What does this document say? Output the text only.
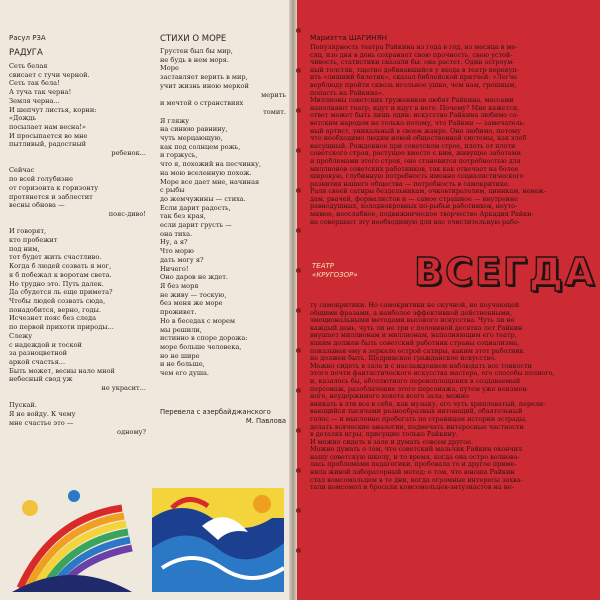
Расул РЗА
РАДУГА
Сеть белая
свисает с тучи черной.
Сеть так бела!
А туча так черна!
Земля черна...
И шепчут листья, корни:
«Дождь
посылает нам весна!»
И просыпается во мне
пытливый, радостный
ребенок...

Сейчас
по всей голубизне
от горизонта к горизонту
протянется и заблестит
весны обнова —
пояс-диво!

И говорят,
кто пробежит
под ним,
тот будет жить счастливо.
Когда б людей созвать я мог,
я б побежал к воротам света.
Но трудно это. Путь далек.
Да сбудется ль еще примета?
Чтобы людей созвать сюда,
понадобится, верно, годы.
Исчезнет пояс без следа
по первой прихоти природы...
Слежу
с надеждой и тоской
за разноцветной
аркой счастья...
Быть может, весны нало мной
небесный свод уж
не украсит...

Пускай.
Я не войду. К чему
мне счастье это —
одному?
СТИХИ О МОРЕ
Грустен был бы мир,
не будь в нем моря.
Море
заставляет верить в мир,
учит жизнь иною меркой
мерить
и мечтой о странствиях
томит.
Я гляжу
на синюю равнину,
чуть мерцающую,
как под солнцем рожь,
и горжусь,
что я, похожий на песчинку,
на мою вселенную похож.
Море все дает мне, начиная
с рыбы
до жемчужины — стиха.
Если дарит радость,
так без края,
если дарит грусть —
она тиха.
Ну, а я?
Что морю
дать могу я?
Ничего!
Оно даров не ждет.
Я без моря
не живу — тоскую,
без меня же море
проживет.
Но в беседах с морем
мы решили,
истинно в споре дорожа:
море больше человека,
но не шире
и не больше,
чем его душа.
Перевела с азербайджанского
М. Павлова
Мариэтта ШАГИНЯН
Популярность театра Райкина из года в год, из месяца в ме-
сяц, изо дня в день сохраняет свою прочность, свою устой-
чивость, статистики сказали бы: она растет. Один остроум-
ный толстяк, тщетно добивавшийся у входа в театр перекуп-
ить «лишний билетик», сказал библейской притчей: «Легче
верблюду пройти сквозь игольное ушко, чем нам, грешным,
попасть на Райкина».
Миллионы советских тружеников любят Райкина, массами
наполняют театр, идут и идут в него. Почему? Мне кажется,
ответ может быть лишь один: искусство Райкина любимо со-
ветским народом не только потому, что Райкин — замечатель-
ный артист, уникальный в своем жанре. Оно любимо, потому
что необходимо людям новой общественной системы, как хлеб
насущный. Рожденное при советском строе, плоть от плоти
советского строя, растущее вместе с ним, живущее заботами
и проблемами этого строя, оно становится потребностью для
миллионов советских работников, так как отвечает на более
широкую, глубинную потребность именно социалистического
развития нашего общества — потребность в самокритике.
Раля своей сатиры бездельникам, очковтирателям, циникам, невеж-
дам, рвачей, формалистов и — самое страшное — внутренне
равнодушных, холоднокровных по-рыбьи работников, неуто-
мимое, неослабное, подвижническое творчество Аркадия Райки-
на совершает эту необходимую для нас очистительную рабо-
ТЕАТР
«КРУГОЗОР» ВСЕГДА
ту самокритики. Но самокритики не скучной, не поучающей
общими фразами, а наиболее эффективной действенными,
эмоциональными методами высокого искусства. Чуть ли не
каждый день, чуть ли не три с половиной десятка лет Райкин
внушает миллионам и миллионам, наполняющим его театр,
каким должен быть советский работник страны социализма,
показывая ему в зеркале острой сатиры, каким этот работник
не должен быть. Щедринское гражданское искусство.
Можно сидеть в зале и с наслаждением наблюдать все тонкости
этого почти фантастического искусства мастера, его способы полного,
и, казалось бы, абсолютного перевоплощения в создаваемый
персонаж, разоблачение этого персонажа, путем уже неизмен-
ного, неудержимого хохота всего зала; можно
вникать в эти все в себя, как музыку, его чуть хрипловатый, перели-
вающийся тысячами разнообразных интонаций, обаятельный
голос — и мысленно пробегать по страницам истории эстрады,
делать всяческие аналогии, подмечать интересные частности
в деталях игры, присущие только Райкину.
И можно сидеть в зале и думать совсем другое.
Можно думать о том, что советский мальчик Райкин окончил
нашу советскую школу, и то время, когда она остро волнова-
лась проблемами педагогики, пробовала то и другое приме-
няла живой лабораторный метод: о том, что юноша Райкин
стал комсомольцем в те дни, когда огромные интересы захва-
тали комсомол и бросали комсомольцев-энтузиастов на не-
